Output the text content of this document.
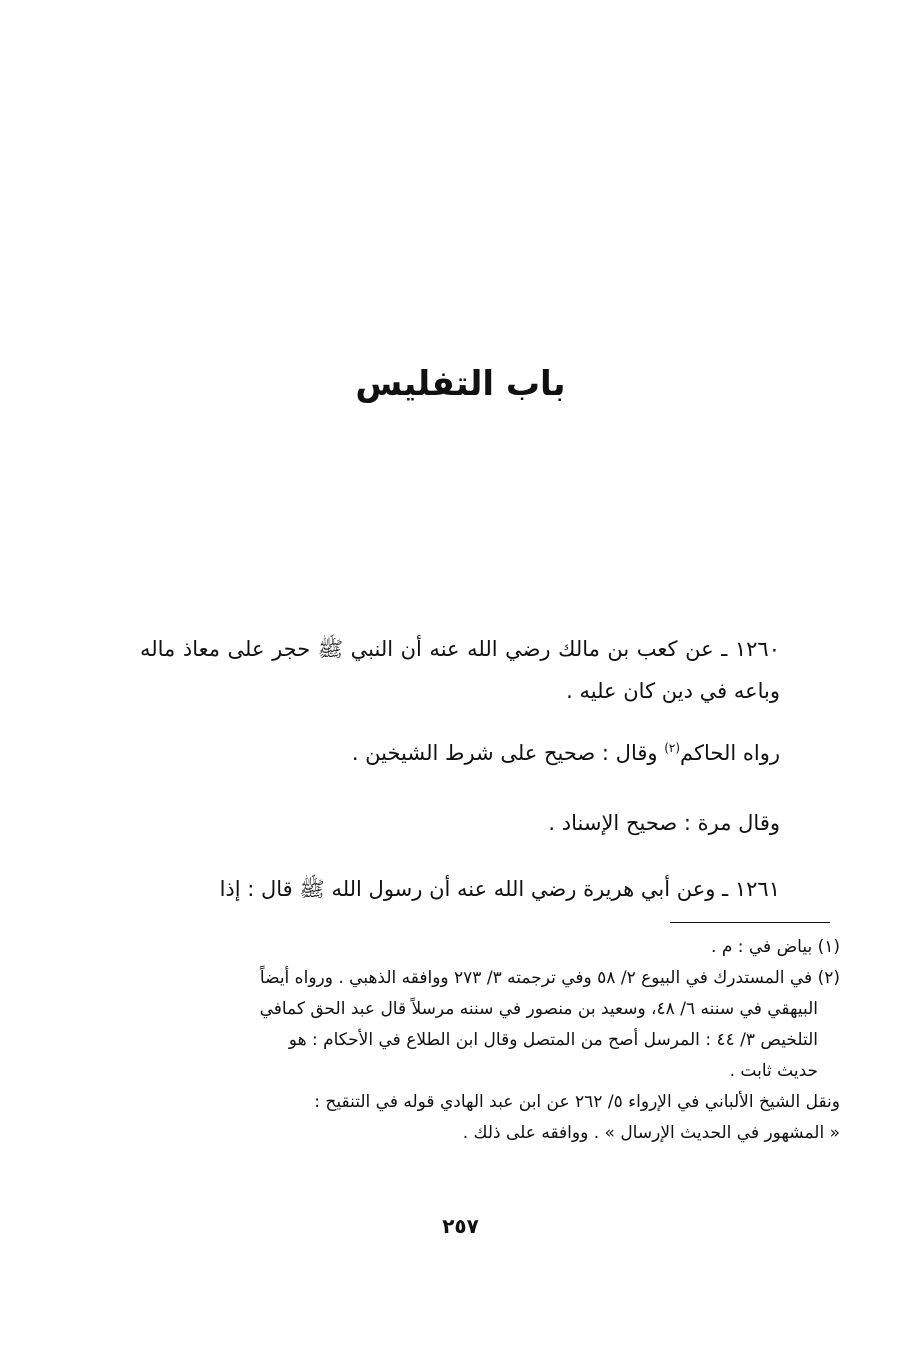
باب التفليس

١٢٦٠ ـ عن كعب بن مالك رضي الله عنه أن النبي ﷺ حجر على معاذ ماله وباعه في دين كان عليه .

رواه الحاكم$^{(٢)}$ وقال : صحيح على شرط الشيخين .

وقال مرة : صحيح الإسناد .

١٢٦١ ـ وعن أبي هريرة رضي الله عنه أن رسول الله ﷺ قال : إذا

(١) بياض في : م .

(٢) في المستدرك في البيوع ٢/ ٥٨ وفي ترجمته ٣/ ٢٧٣ ووافقه الذهبي . ورواه أيضاً

البيهقي في سننه ٦/ ٤٨، وسعيد بن منصور في سننه مرسلاً قال عبد الحق كمافي

التلخيص ٣/ ٤٤ : المرسل أصح من المتصل وقال ابن الطلاع في الأحكام : هو

حديث ثابت .

ونقل الشيخ الألباني في الإرواء ٥/ ٢٦٢ عن ابن عبد الهادي قوله في التنقيح :

« المشهور في الحديث الإرسال » . ووافقه على ذلك .

٢٥٧
